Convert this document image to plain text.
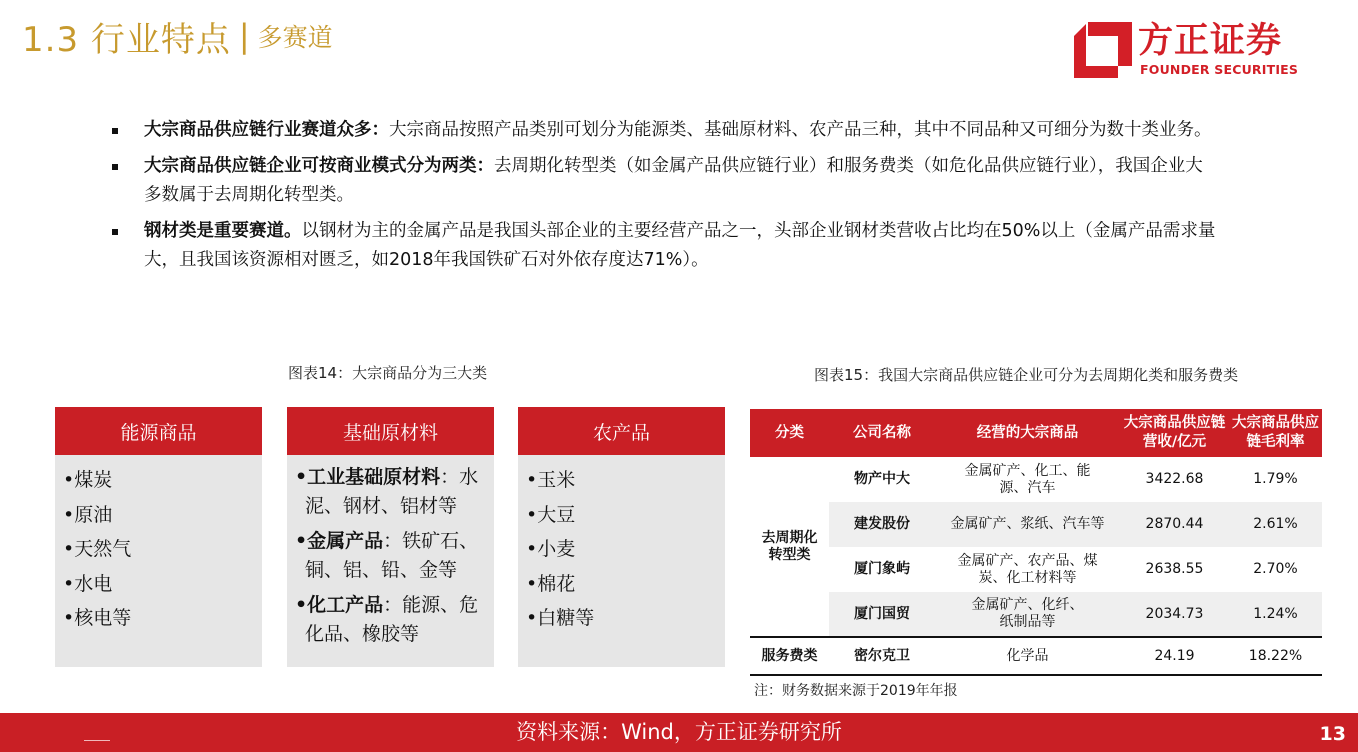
1.3 行业特点 | 多赛道	方正证券
FOUNDER SECURITIES
大宗商品供应链行业赛道众多：大宗商品按照产品类别可划分为能源类、基础原材料、农产品三种，其中不同品种又可细分为数十类业务。
大宗商品供应链企业可按商业模式分为两类：去周期化转型类（如金属产品供应链行业）和服务费类（如危化品供应链行业），我国企业大多数属于去周期化转型类。
钢材类是重要赛道。以钢材为主的金属产品是我国头部企业的主要经营产品之一，头部企业钢材类营收占比均在50%以上（金属产品需求量大，且我国该资源相对匮乏，如2018年我国铁矿石对外依存度达71%）。
图表14：大宗商品分为三大类
能源商品
•煤炭
•原油
•天然气
•水电
•核电等
基础原材料
•工业基础原材料：水泥、钢材、铝材等
•金属产品：铁矿石、铜、铝、铅、金等
•化工产品：能源、危化品、橡胶等
农产品
•玉米
•大豆
•小麦
•棉花
•白糖等
图表15：我国大宗商品供应链企业可分为去周期化类和服务费类
分类	公司名称	经营的大宗商品	大宗商品供应链营收/亿元	大宗商品供应链毛利率
去周期化转型类	物产中大	金属矿产、化工、能源、汽车	3422.68	1.79%
	建发股份	金属矿产、浆纸、汽车等	2870.44	2.61%
	厦门象屿	金属矿产、农产品、煤炭、化工材料等	2638.55	2.70%
	厦门国贸	金属矿产、化纤、纸制品等	2034.73	1.24%
服务费类	密尔克卫	化学品	24.19	18.22%
注：财务数据来源于2019年年报
资料来源：Wind，方正证券研究所	13
